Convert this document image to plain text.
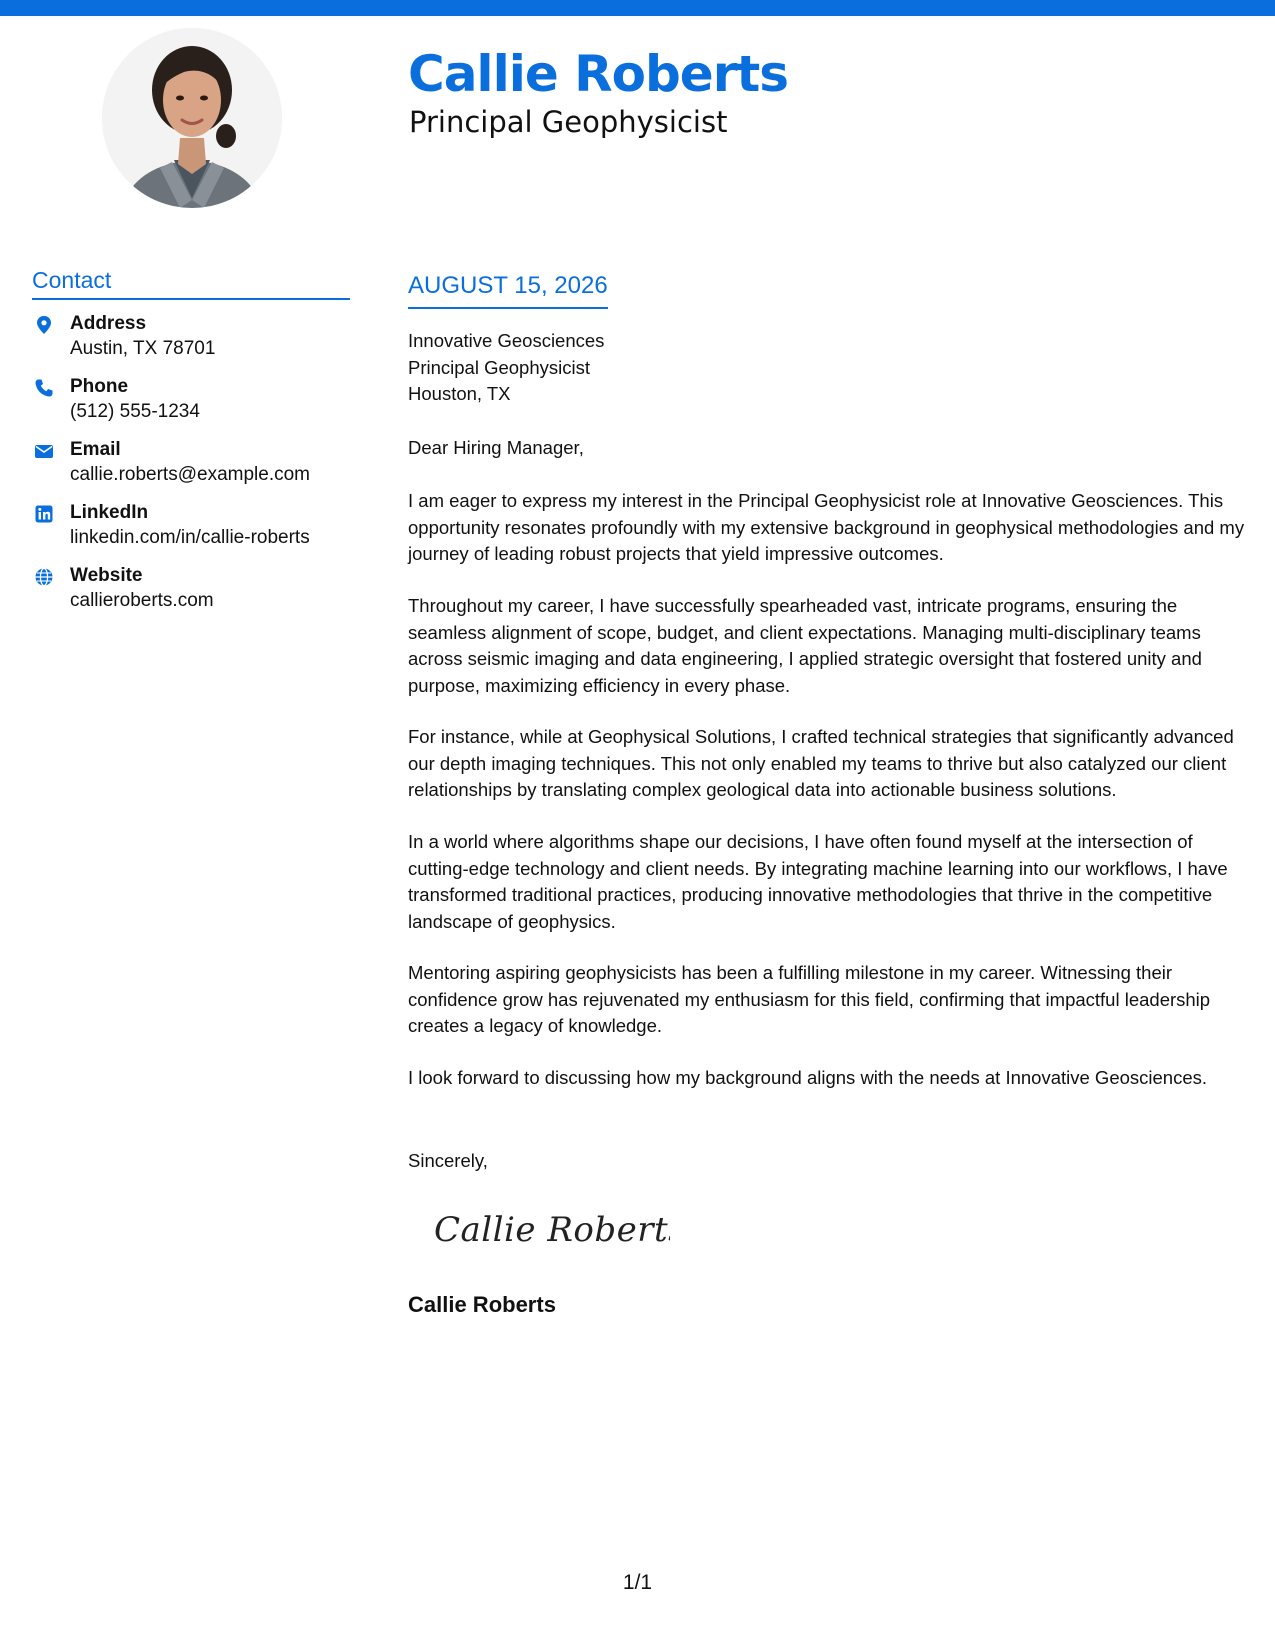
Callie Roberts
Principal Geophysicist
Contact
Address
Austin, TX 78701
Phone
(512) 555-1234
Email
callie.roberts@example.com
LinkedIn
linkedin.com/in/callie-roberts
Website
callieroberts.com
AUGUST 15, 2026
Innovative Geosciences
Principal Geophysicist
Houston, TX
Dear Hiring Manager,

I am eager to express my interest in the Principal Geophysicist role at Innovative Geosciences. This opportunity resonates profoundly with my extensive background in geophysical methodologies and my journey of leading robust projects that yield impressive outcomes.

Throughout my career, I have successfully spearheaded vast, intricate programs, ensuring the seamless alignment of scope, budget, and client expectations. Managing multi-disciplinary teams across seismic imaging and data engineering, I applied strategic oversight that fostered unity and purpose, maximizing efficiency in every phase.

For instance, while at Geophysical Solutions, I crafted technical strategies that significantly advanced our depth imaging techniques. This not only enabled my teams to thrive but also catalyzed our client relationships by translating complex geological data into actionable business solutions.

In a world where algorithms shape our decisions, I have often found myself at the intersection of cutting-edge technology and client needs. By integrating machine learning into our workflows, I have transformed traditional practices, producing innovative methodologies that thrive in the competitive landscape of geophysics.

Mentoring aspiring geophysicists has been a fulfilling milestone in my career. Witnessing their confidence grow has rejuvenated my enthusiasm for this field, confirming that impactful leadership creates a legacy of knowledge.

I look forward to discussing how my background aligns with the needs at Innovative Geosciences.

Sincerely,
Callie Roberts
Callie Roberts
1/1
